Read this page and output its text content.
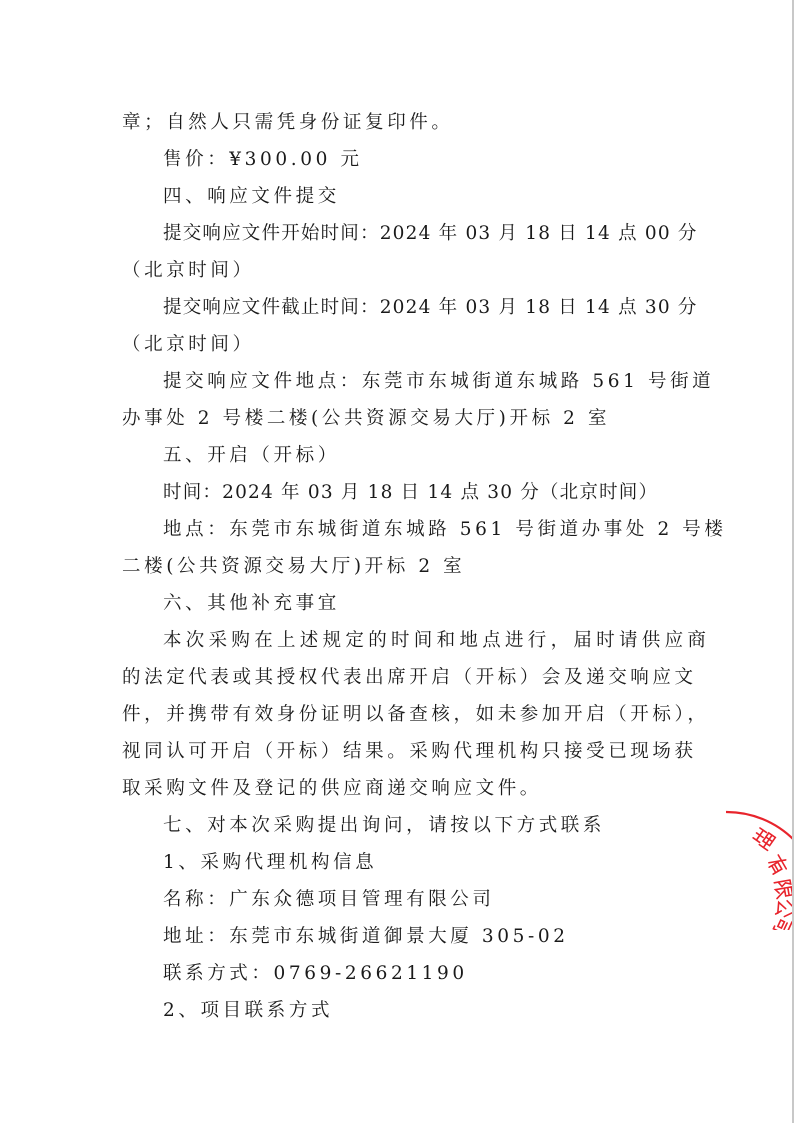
章；自然人只需凭身份证复印件。
售价：¥300.00 元
四、响应文件提交
提交响应文件开始时间：2024 年 03 月 18 日 14 点 00 分
（北京时间）
提交响应文件截止时间：2024 年 03 月 18 日 14 点 30 分
（北京时间）
提交响应文件地点：东莞市东城街道东城路 561 号街道
办事处 2 号楼二楼(公共资源交易大厅)开标 2 室
五、开启（开标）
时间：2024 年 03 月 18 日 14 点 30 分（北京时间）
地点：东莞市东城街道东城路 561 号街道办事处 2 号楼
二楼(公共资源交易大厅)开标 2 室
六、其他补充事宜
本次采购在上述规定的时间和地点进行，届时请供应商
的法定代表或其授权代表出席开启（开标）会及递交响应文
件，并携带有效身份证明以备查核，如未参加开启（开标），
视同认可开启（开标）结果。采购代理机构只接受已现场获
取采购文件及登记的供应商递交响应文件。
七、对本次采购提出询问，请按以下方式联系
1、采购代理机构信息
名称：广东众德项目管理有限公司
地址：东莞市东城街道御景大厦 305-02
联系方式：0769-26621190
2、项目联系方式
